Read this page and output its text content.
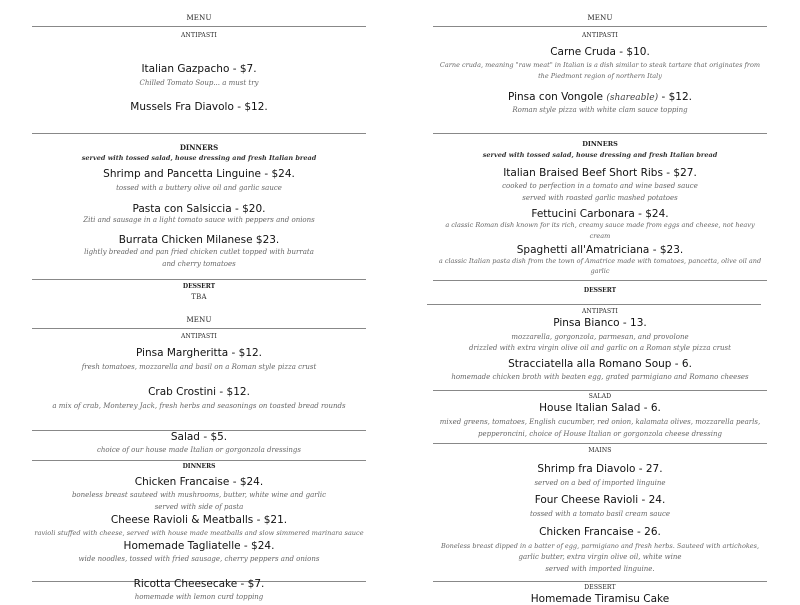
MENU
ANTIPASTI
Italian Gazpacho - $7.
Chilled Tomato Soup... a must try
Mussels Fra Diavolo - $12.
DINNERS
served with tossed salad, house dressing and fresh Italian bread
Shrimp and Pancetta Linguine - $24.
tossed with a buttery olive oil and garlic sauce
Pasta con Salsiccia - $20.
Ziti and sausage in a light tomato sauce with peppers and onions
Burrata Chicken Milanese $23.
lightly breaded and pan fried chicken cutlet topped with burrata
and cherry tomatoes
DESSERT
TBA
MENU
ANTIPASTI
Pinsa Margheritta - $12.
fresh tomatoes, mozzarella and basil on a Roman style pizza crust
Crab Crostini - $12.
a mix of crab, Monterey Jack, fresh herbs and seasonings on toasted bread rounds
Salad - $5.
choice of our house made Italian or gorgonzola dressings
DINNERS
Chicken Francaise - $24.
boneless breast sauteed with mushrooms, butter, white wine and garlic
served with side of pasta
Cheese Ravioli & Meatballs - $21.
ravioli stuffed with cheese, served with house made meatballs and slow simmered marinara sauce
Homemade Tagliatelle - $24.
wide noodles, tossed with fried sausage, cherry peppers and onions
Ricotta Cheesecake - $7.
homemade with lemon curd topping
MENU
ANTIPASTI
Carne Cruda - $10.
Carne cruda, meaning "raw meat" in Italian is a dish similar to steak tartare that originates from
the Piedmont region of northern Italy
Pinsa con Vongole (shareable) - $12.
Roman style pizza with white clam sauce topping
DINNERS
served with tossed salad, house dressing and fresh Italian bread
Italian Braised Beef Short Ribs - $27.
cooked to perfection in a tomato and wine based sauce
served with roasted garlic mashed potatoes
Fettucini Carbonara - $24.
a classic Roman dish known for its rich, creamy sauce made from eggs and cheese, not heavy
cream
Spaghetti all'Amatriciana - $23.
a classic Italian pasta dish from the town of Amatrice made with tomatoes, pancetta, olive oil and
garlic
DESSERT
ANTIPASTI
Pinsa Bianco - 13.
mozzarella, gorgonzola, parmesan, and provolone
drizzled with extra virgin olive oil and garlic on a Roman style pizza crust
Stracciatella alla Romano Soup - 6.
homemade chicken broth with beaten egg, grated parmigiano and Romano cheeses
SALAD
House Italian Salad - 6.
mixed greens, tomatoes, English cucumber, red onion, kalamata olives, mozzarella pearls,
pepperoncini, choice of House Italian or gorgonzola cheese dressing
MAINS
Shrimp fra Diavolo - 27.
served on a bed of imported linguine
Four Cheese Ravioli - 24.
tossed with a tomato basil cream sauce
Chicken Francaise - 26.
Boneless breast dipped in a batter of egg, parmigiano and fresh herbs. Sauteed with artichokes,
garlic butter, extra virgin olive oil, white wine
served with imported linguine.
DESSERT
Homemade Tiramisu Cake
